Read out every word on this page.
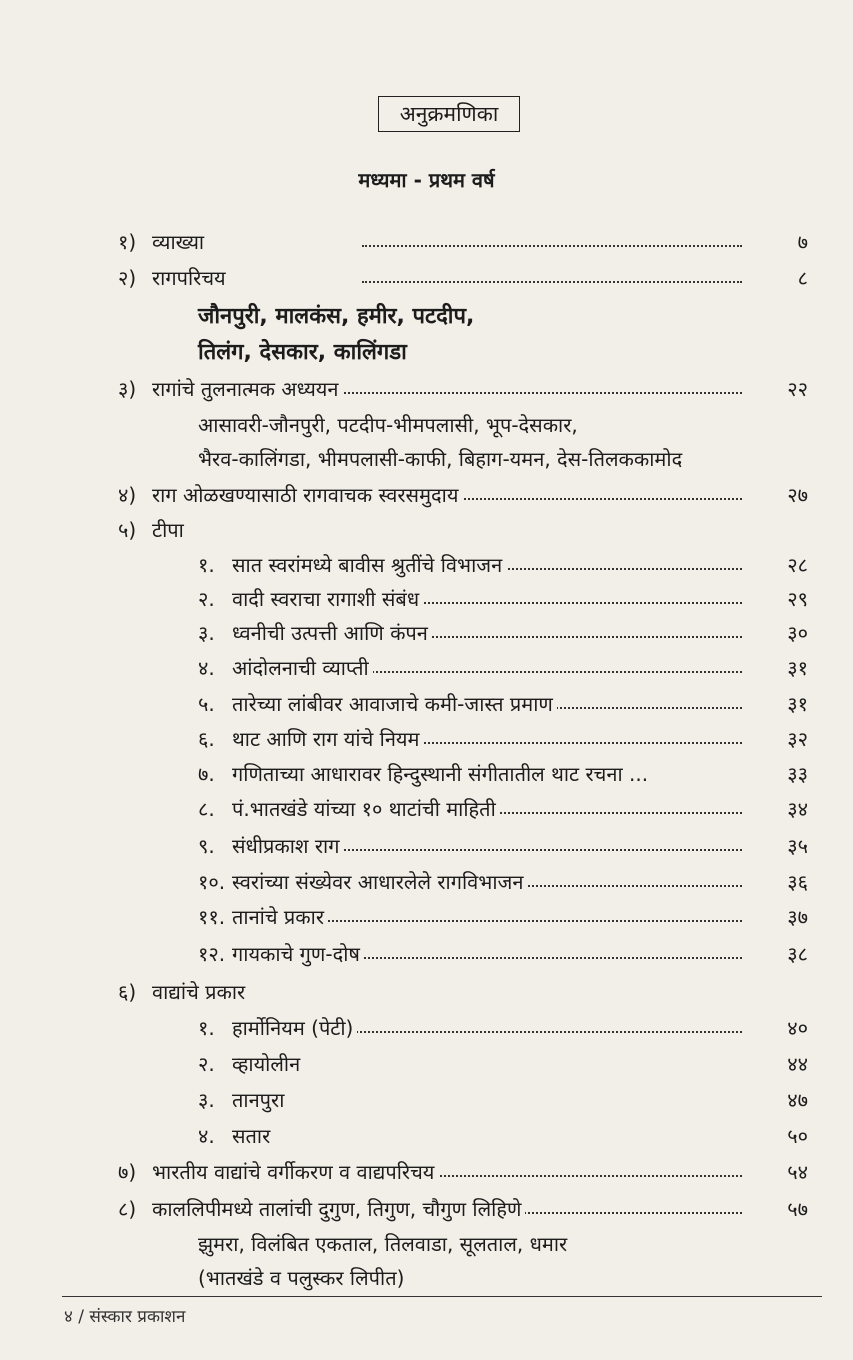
अनुक्रमणिका
मध्यमा - प्रथम वर्ष
१) व्याख्या	७
२) रागपरिचय	८
जौनपुरी, मालकंस, हमीर, पटदीप,
तिलंग, देसकार, कालिंगडा
३) रागांचे तुलनात्मक अध्ययन	२२
आसावरी-जौनपुरी, पटदीप-भीमपलासी, भूप-देसकार,
भैरव-कालिंगडा, भीमपलासी-काफी, बिहाग-यमन, देस-तिलककामोद
४) राग ओळखण्यासाठी रागवाचक स्वरसमुदाय	२७
५) टीपा
१. सात स्वरांमध्ये बावीस श्रुतींचे विभाजन	२८
२. वादी स्वराचा रागाशी संबंध	२९
३. ध्वनीची उत्पत्ती आणि कंपन	३०
४. आंदोलनाची व्याप्ती	३१
५. तारेच्या लांबीवर आवाजाचे कमी-जास्त प्रमाण	३१
६. थाट आणि राग यांचे नियम	३२
७. गणिताच्या आधारावर हिन्दुस्थानी संगीतातील थाट रचना ...	३३
८. पं.भातखंडे यांच्या १० थाटांची माहिती	३४
९. संधीप्रकाश राग	३५
१०. स्वरांच्या संख्येवर आधारलेले रागविभाजन	३६
११. तानांचे प्रकार	३७
१२. गायकाचे गुण-दोष	३८
६) वाद्यांचे प्रकार
१. हार्मोनियम (पेटी)	४०
२. व्हायोलीन	४४
३. तानपुरा	४७
४. सतार	५०
७) भारतीय वाद्यांचे वर्गीकरण व वाद्यपरिचय	५४
८) काललिपीमध्ये तालांची दुगुण, तिगुण, चौगुण लिहिणे	५७
झुमरा, विलंबित एकताल, तिलवाडा, सूलताल, धमार
(भातखंडे व पलुस्कर लिपीत)
४ / संस्कार प्रकाशन
